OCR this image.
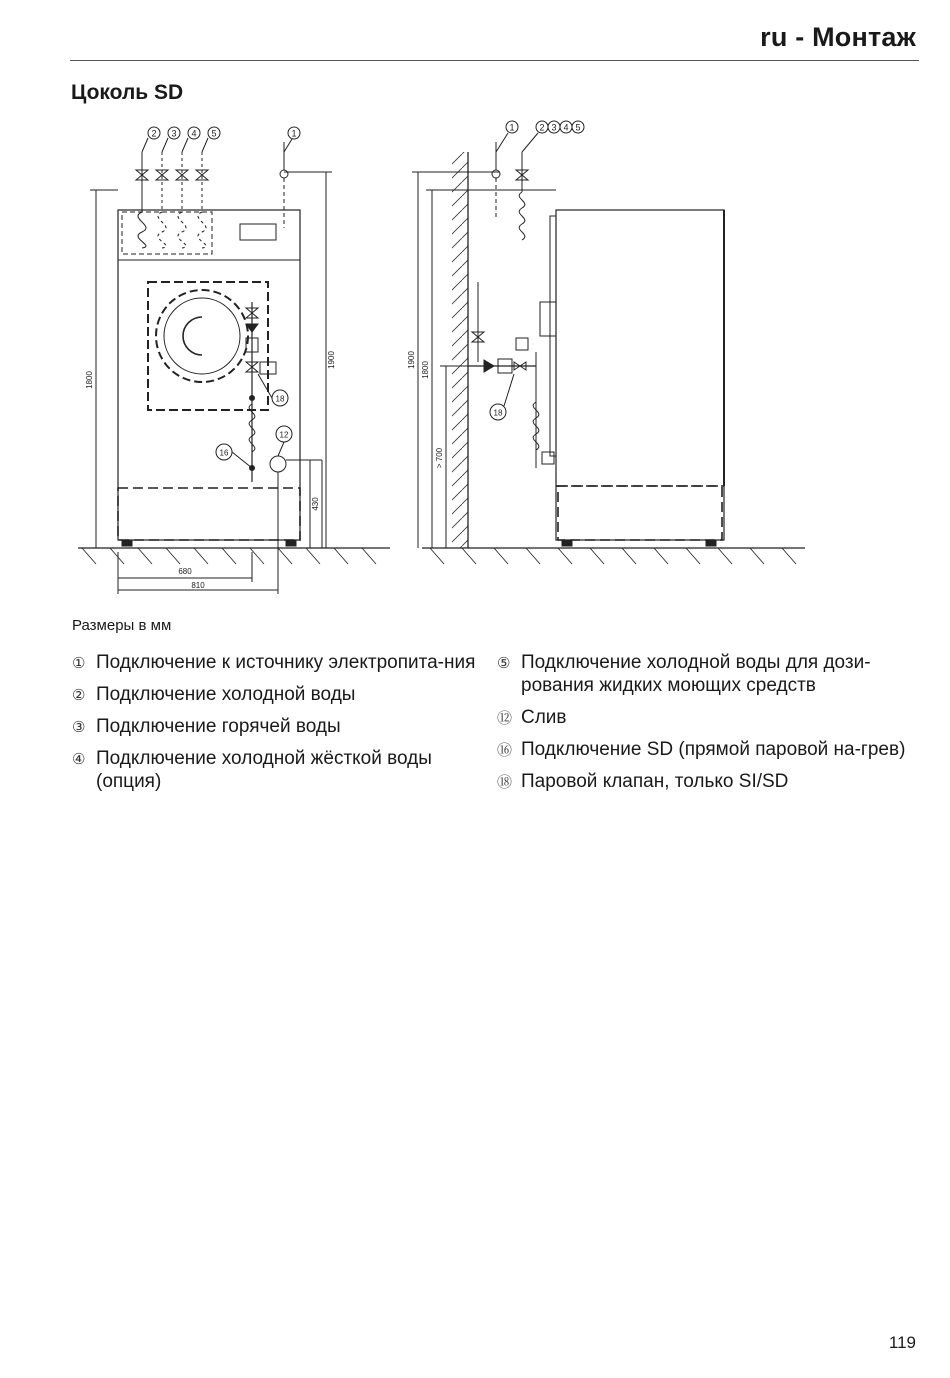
ru - Монтаж
Цоколь SD
2 3 4 5	1
18
12
16
1800
1900
430
680
810
1	2 3 4 5
18
1900
1800
> 700
Размеры в мм
① Подключение к источнику электропита-ния
② Подключение холодной воды
③ Подключение горячей воды
④ Подключение холодной жёсткой воды (опция)
⑤ Подключение холодной воды для дози-рования жидких моющих средств
⑫ Слив
⑯ Подключение SD (прямой паровой на-грев)
⑱ Паровой клапан, только SI/SD
119
